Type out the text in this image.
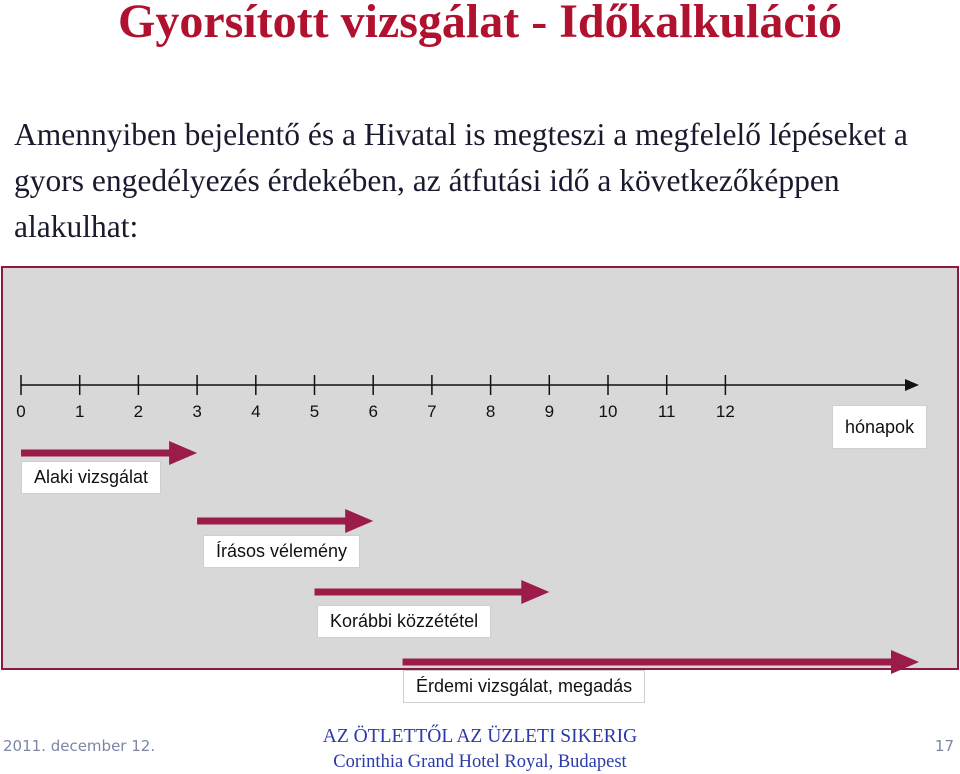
Gyorsított vizsgálat - Időkalkuláció
Amennyiben bejelentő és a Hivatal is megteszi a megfelelő lépéseket a gyors engedélyezés érdekében, az átfutási idő a következőképpen alakulhat:
0	1	2	3	4	5	6	7	8	9	10	11	12
hónapok
Alaki vizsgálat
Írásos vélemény
Korábbi közzététel
Érdemi vizsgálat, megadás
2011. december 12.	AZ ÖTLETTŐL AZ ÜZLETI SIKERIG
Corinthia Grand Hotel Royal, Budapest
17
